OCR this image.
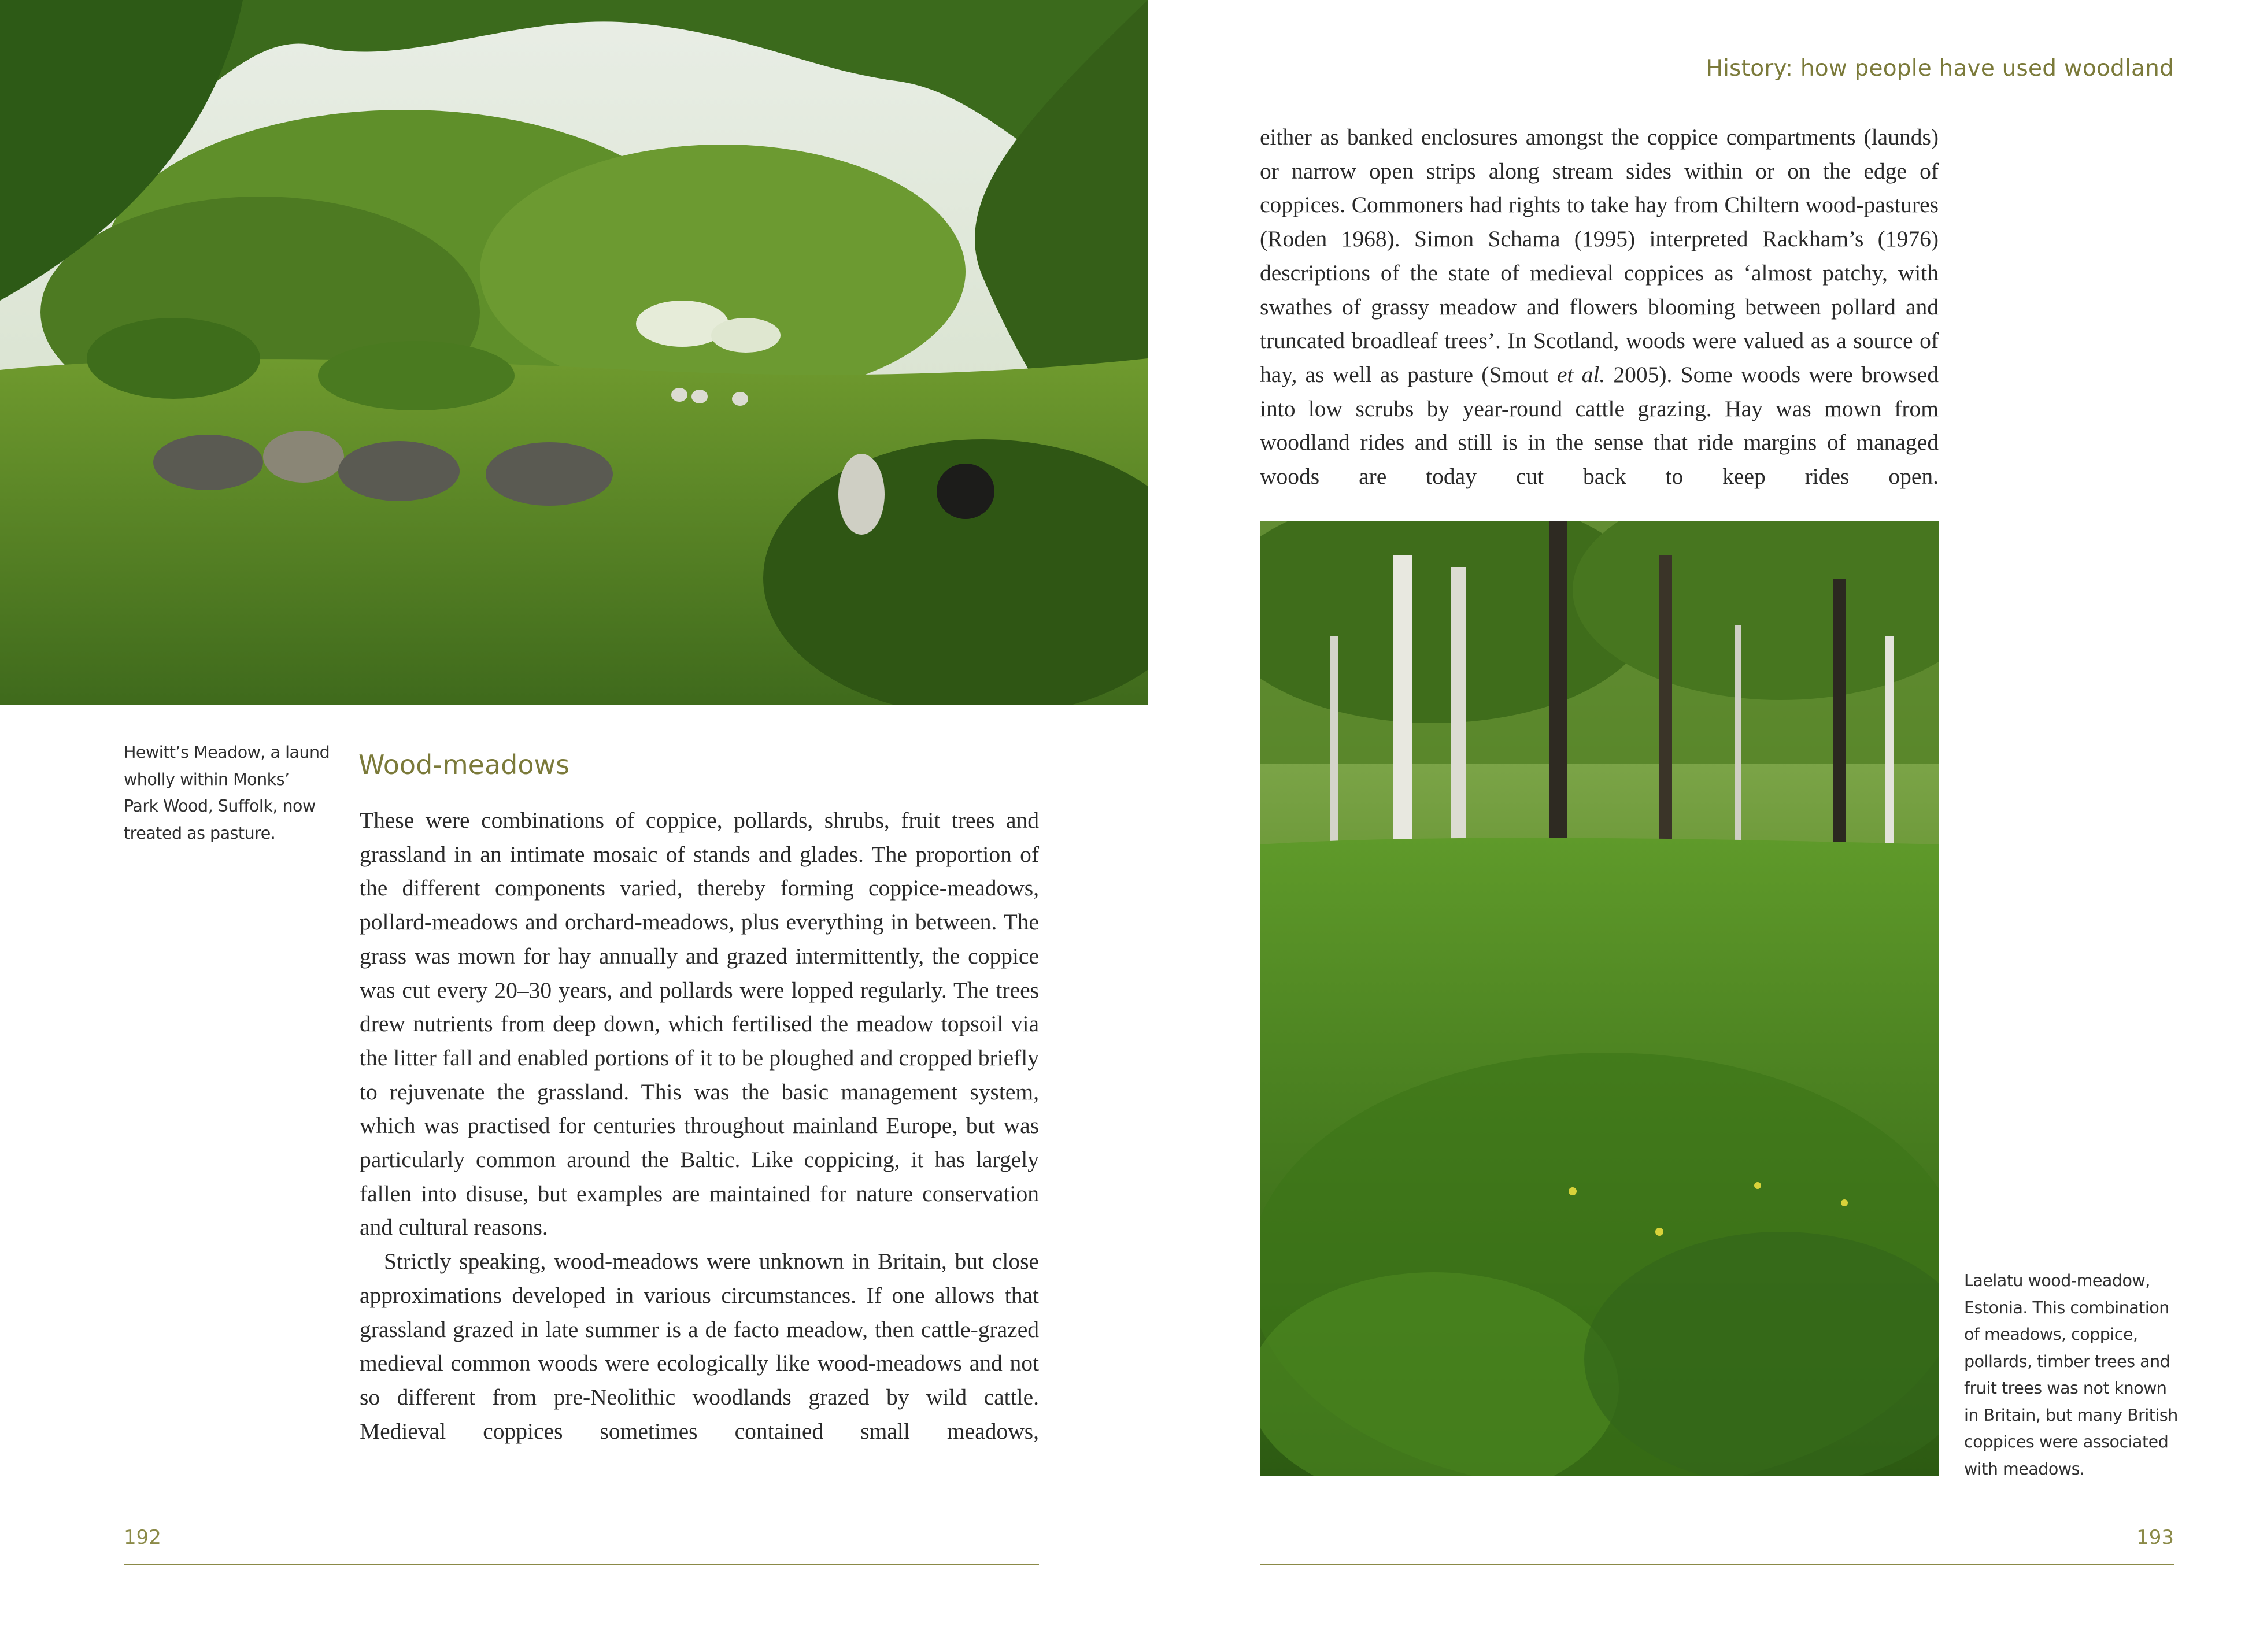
Hewitt’s Meadow, a laund
wholly within Monks’
Park Wood, Suffolk, now
treated as pasture.
Wood-meadows

These were combinations of coppice, pollards, shrubs, fruit trees and grassland in an intimate mosaic of stands and glades. The proportion of the different components varied, thereby forming coppice-meadows, pollard-meadows and orchard-meadows, plus everything in between. The grass was mown for hay annually and grazed intermittently, the coppice was cut every 20–30 years, and pollards were lopped regularly. The trees drew nutrients from deep down, which fertilised the meadow topsoil via the litter fall and enabled portions of it to be ploughed and cropped briefly to rejuvenate the grassland. This was the basic management system, which was practised for centuries throughout mainland Europe, but was particularly common around the Baltic. Like coppicing, it has largely fallen into disuse, but examples are maintained for nature conservation and cultural reasons.

Strictly speaking, wood-meadows were unknown in Britain, but close approximations developed in various circumstances. If one allows that grassland grazed in late summer is a de facto meadow, then cattle-grazed medieval common woods were ecologically like wood-meadows and not so different from pre-Neolithic woodlands grazed by wild cattle. Medieval coppices sometimes contained small meadows,

192
History: how people have used woodland

either as banked enclosures amongst the coppice compartments (launds) or narrow open strips along stream sides within or on the edge of coppices. Commoners had rights to take hay from Chiltern wood-pastures (Roden 1968). Simon Schama (1995) interpreted Rackham’s (1976) descriptions of the state of medieval coppices as ‘almost patchy, with swathes of grassy meadow and flowers blooming between pollard and truncated broadleaf trees’. In Scotland, woods were valued as a source of hay, as well as pasture (Smout et al. 2005). Some woods were browsed into low scrubs by year-round cattle grazing. Hay was mown from woodland rides and still is in the sense that ride margins of managed woods are today cut back to keep rides open.

Laelatu wood-meadow,
Estonia. This combination
of meadows, coppice,
pollards, timber trees and
fruit trees was not known
in Britain, but many British
coppices were associated
with meadows.
193
